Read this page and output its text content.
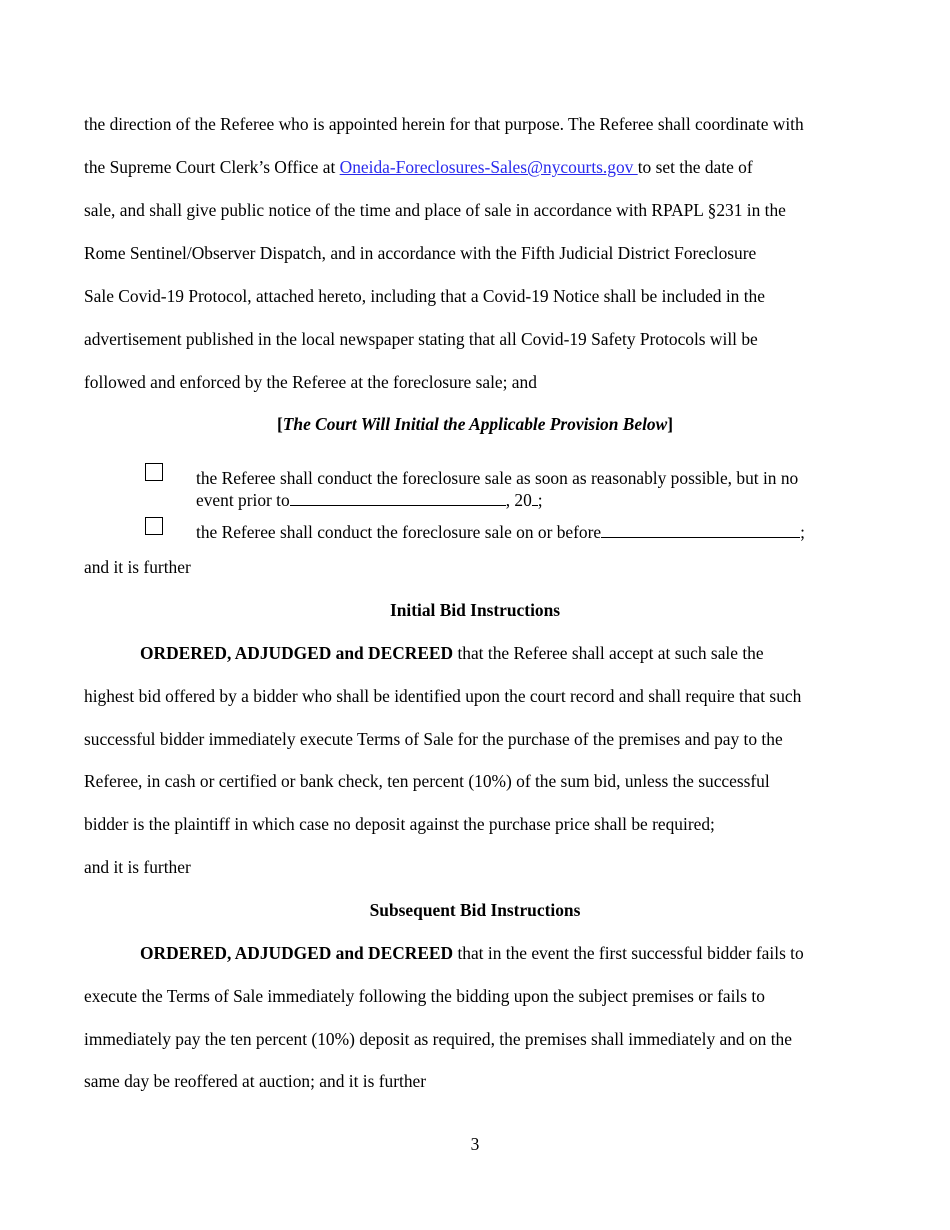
the direction of the Referee who is appointed herein for that purpose. The Referee shall coordinate with
the Supreme Court Clerk’s Office at Oneida-Foreclosures-Sales@nycourts.gov to set the date of
sale, and shall give public notice of the time and place of sale in accordance with RPAPL §231 in the
Rome Sentinel/Observer Dispatch, and in accordance with the Fifth Judicial District Foreclosure
Sale Covid-19 Protocol, attached hereto, including that a Covid-19 Notice shall be included in the
advertisement published in the local newspaper stating that all Covid-19 Safety Protocols will be
followed and enforced by the Referee at the foreclosure sale; and
[The Court Will Initial the Applicable Provision Below]
the Referee shall conduct the foreclosure sale as soon as reasonably possible, but in no
event prior to	, 20 ;
the Referee shall conduct the foreclosure sale on or before	;
and it is further
Initial Bid Instructions
ORDERED, ADJUDGED and DECREED that the Referee shall accept at such sale the
highest bid offered by a bidder who shall be identified upon the court record and shall require that such
successful bidder immediately execute Terms of Sale for the purchase of the premises and pay to the
Referee, in cash or certified or bank check, ten percent (10%) of the sum bid, unless the successful
bidder is the plaintiff in which case no deposit against the purchase price shall be required;
and it is further
Subsequent Bid Instructions
ORDERED, ADJUDGED and DECREED that in the event the first successful bidder fails to
execute the Terms of Sale immediately following the bidding upon the subject premises or fails to
immediately pay the ten percent (10%) deposit as required, the premises shall immediately and on the
same day be reoffered at auction; and it is further
3
